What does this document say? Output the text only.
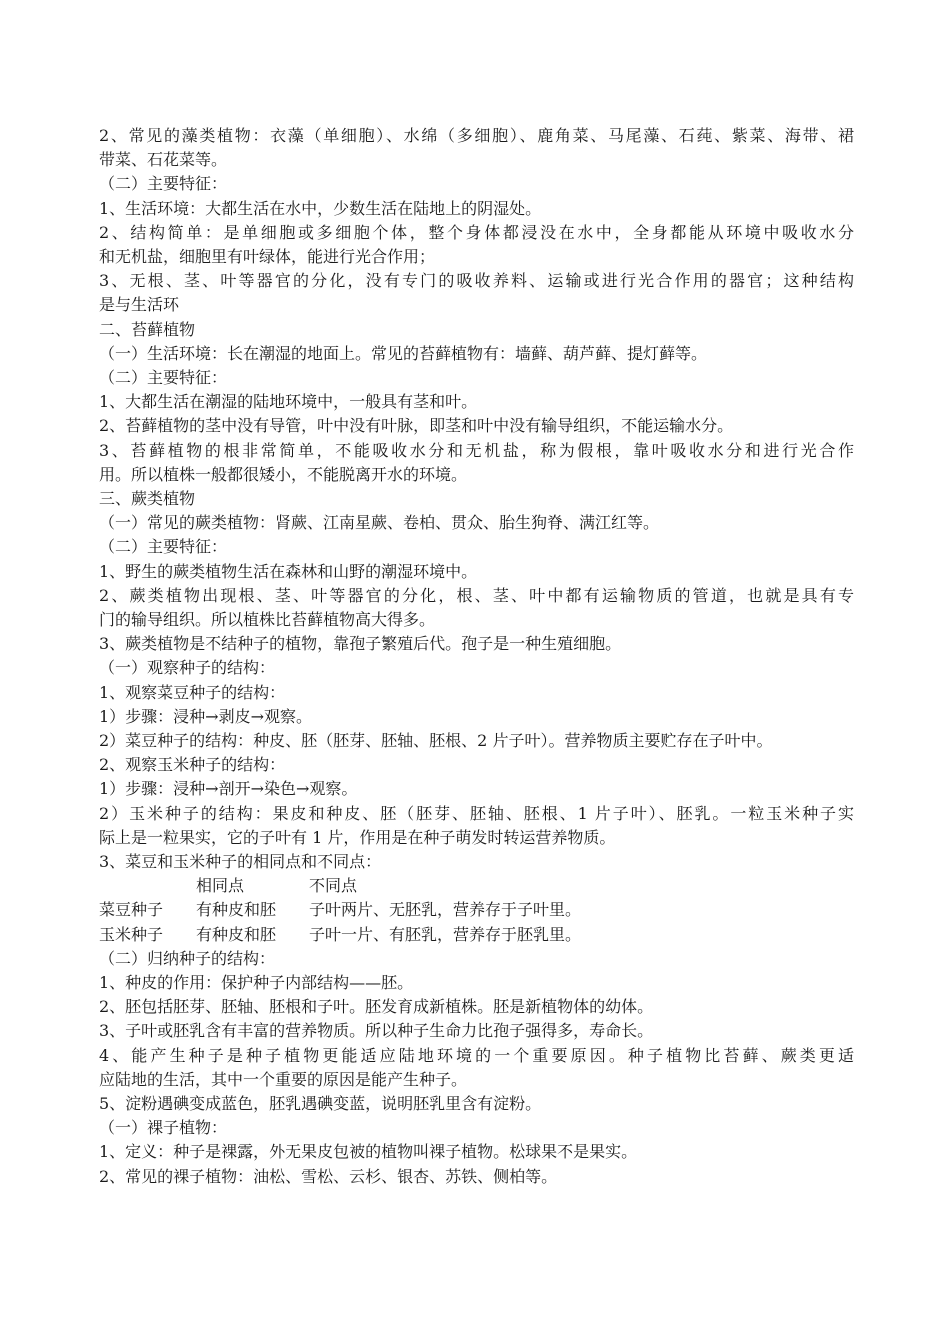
2、常见的藻类植物：衣藻（单细胞）、水绵（多细胞）、鹿角菜、马尾藻、石莼、紫菜、海带、裙
带菜、石花菜等。
（二）主要特征：
1、生活环境：大都生活在水中，少数生活在陆地上的阴湿处。
2、结构简单：是单细胞或多细胞个体，整个身体都浸没在水中，全身都能从环境中吸收水分
和无机盐，细胞里有叶绿体，能进行光合作用；
3、无根、茎、叶等器官的分化，没有专门的吸收养料、运输或进行光合作用的器官；这种结构
是与生活环
二、苔藓植物
（一）生活环境：长在潮湿的地面上。常见的苔藓植物有：墙藓、葫芦藓、提灯藓等。
（二）主要特征：
1、大都生活在潮湿的陆地环境中，一般具有茎和叶。
2、苔藓植物的茎中没有导管，叶中没有叶脉，即茎和叶中没有输导组织，不能运输水分。
3、苔藓植物的根非常简单，不能吸收水分和无机盐，称为假根，靠叶吸收水分和进行光合作
用。所以植株一般都很矮小，不能脱离开水的环境。
三、蕨类植物
（一）常见的蕨类植物：肾蕨、江南星蕨、卷柏、贯众、胎生狗脊、满江红等。
（二）主要特征：
1、野生的蕨类植物生活在森林和山野的潮湿环境中。
2、蕨类植物出现根、茎、叶等器官的分化，根、茎、叶中都有运输物质的管道，也就是具有专
门的输导组织。所以植株比苔藓植物高大得多。
3、蕨类植物是不结种子的植物，靠孢子繁殖后代。孢子是一种生殖细胞。
（一）观察种子的结构：
1、观察菜豆种子的结构：
1）步骤：浸种→剥皮→观察。
2）菜豆种子的结构：种皮、胚（胚芽、胚轴、胚根、2 片子叶）。营养物质主要贮存在子叶中。
2、观察玉米种子的结构：
1）步骤：浸种→剖开→染色→观察。
2）玉米种子的结构：果皮和种皮、胚（胚芽、胚轴、胚根、1 片子叶）、胚乳。一粒玉米种子实
际上是一粒果实，它的子叶有 1 片，作用是在种子萌发时转运营养物质。
3、菜豆和玉米种子的相同点和不同点：
相同点	不同点
菜豆种子 有种皮和胚 子叶两片、无胚乳，营养存于子叶里。
玉米种子 有种皮和胚 子叶一片、有胚乳，营养存于胚乳里。
（二）归纳种子的结构：
1、种皮的作用：保护种子内部结构——胚。
2、胚包括胚芽、胚轴、胚根和子叶。胚发育成新植株。胚是新植物体的幼体。
3、子叶或胚乳含有丰富的营养物质。所以种子生命力比孢子强得多，寿命长。
4、能产生种子是种子植物更能适应陆地环境的一个重要原因。种子植物比苔藓、蕨类更适
应陆地的生活，其中一个重要的原因是能产生种子。
5、淀粉遇碘变成蓝色，胚乳遇碘变蓝，说明胚乳里含有淀粉。
（一）裸子植物：
1、定义：种子是裸露，外无果皮包被的植物叫裸子植物。松球果不是果实。
2、常见的裸子植物：油松、雪松、云杉、银杏、苏铁、侧柏等。
